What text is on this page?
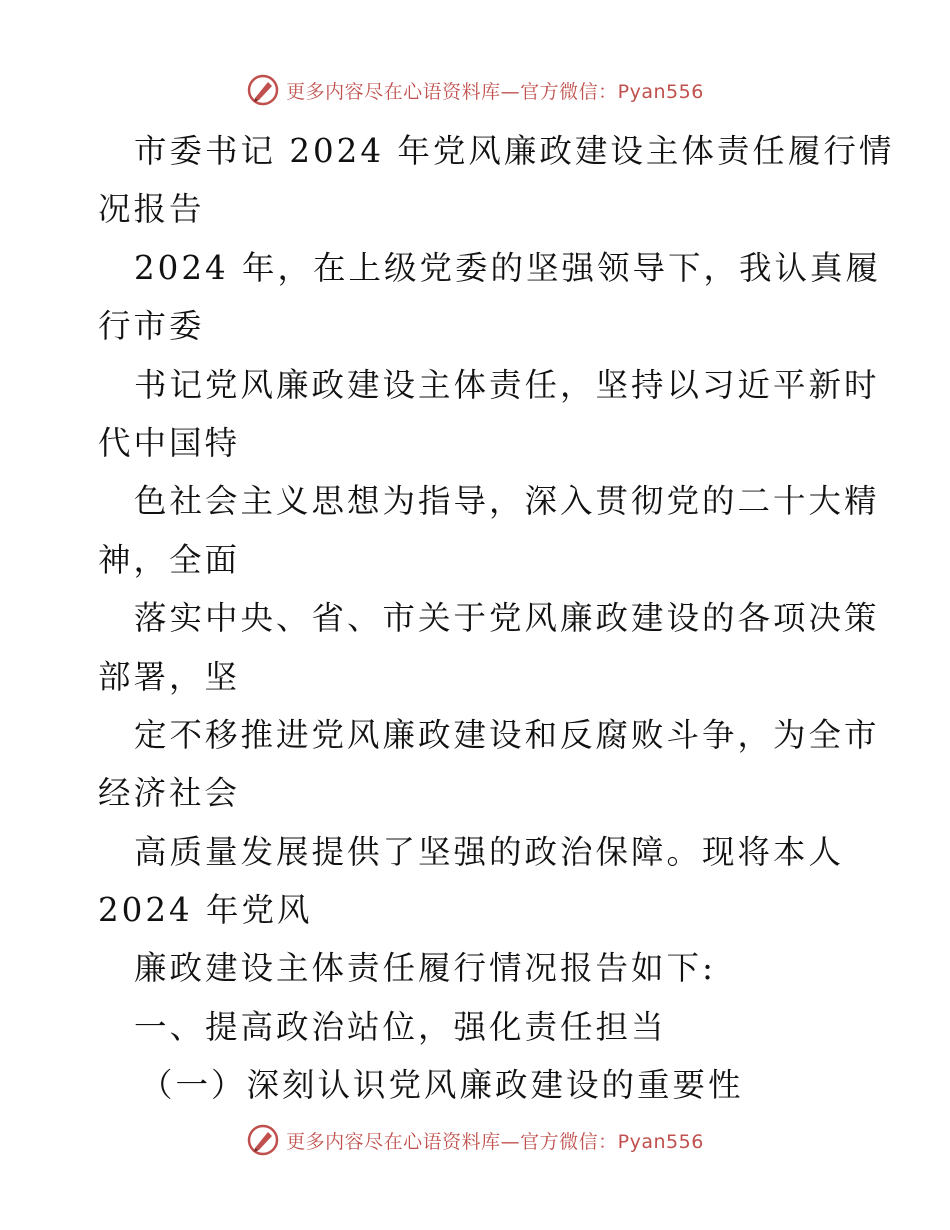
更多内容尽在心语资料库—官方微信：Pyan556
市委书记 2024 年党风廉政建设主体责任履行情
况报告
2024 年，在上级党委的坚强领导下，我认真履
行市委
书记党风廉政建设主体责任，坚持以习近平新时
代中国特
色社会主义思想为指导，深入贯彻党的二十大精
神，全面
落实中央、省、市关于党风廉政建设的各项决策
部署，坚
定不移推进党风廉政建设和反腐败斗争，为全市
经济社会
高质量发展提供了坚强的政治保障。现将本人
2024 年党风
廉政建设主体责任履行情况报告如下:
一、提高政治站位，强化责任担当
（一）深刻认识党风廉政建设的重要性
更多内容尽在心语资料库—官方微信：Pyan556
